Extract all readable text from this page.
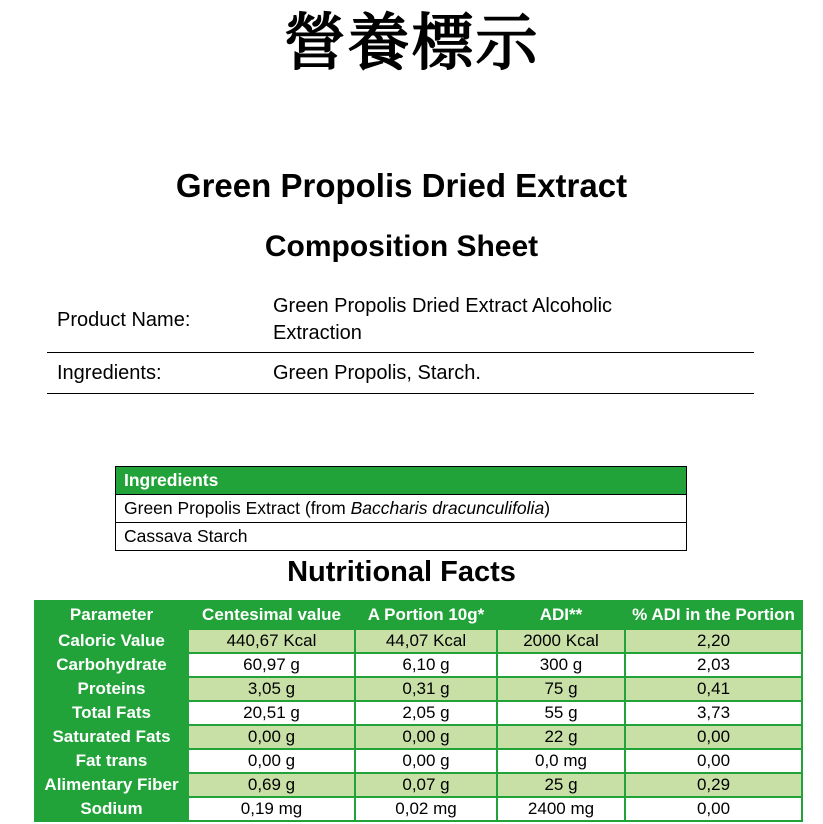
營養標示
Green Propolis Dried Extract
Composition Sheet
Product Name:	Green Propolis Dried Extract Alcoholic
Extraction

Ingredients:	Green Propolis, Starch.
Ingredients
Green Propolis Extract (from Baccharis dracunculifolia)
Cassava Starch
Nutritional Facts
Parameter	Centesimal value	A Portion 10g*	ADI**	% ADI in the Portion
Caloric Value	440,67 Kcal	44,07 Kcal	2000 Kcal	2,20
Carbohydrate	60,97 g	6,10 g	300 g	2,03
Proteins	3,05 g	0,31 g	75 g	0,41
Total Fats	20,51 g	2,05 g	55 g	3,73
Saturated Fats	0,00 g	0,00 g	22 g	0,00
Fat trans	0,00 g	0,00 g	0,0 mg	0,00
Alimentary Fiber	0,69 g	0,07 g	25 g	0,29
Sodium	0,19 mg	0,02 mg	2400 mg	0,00
